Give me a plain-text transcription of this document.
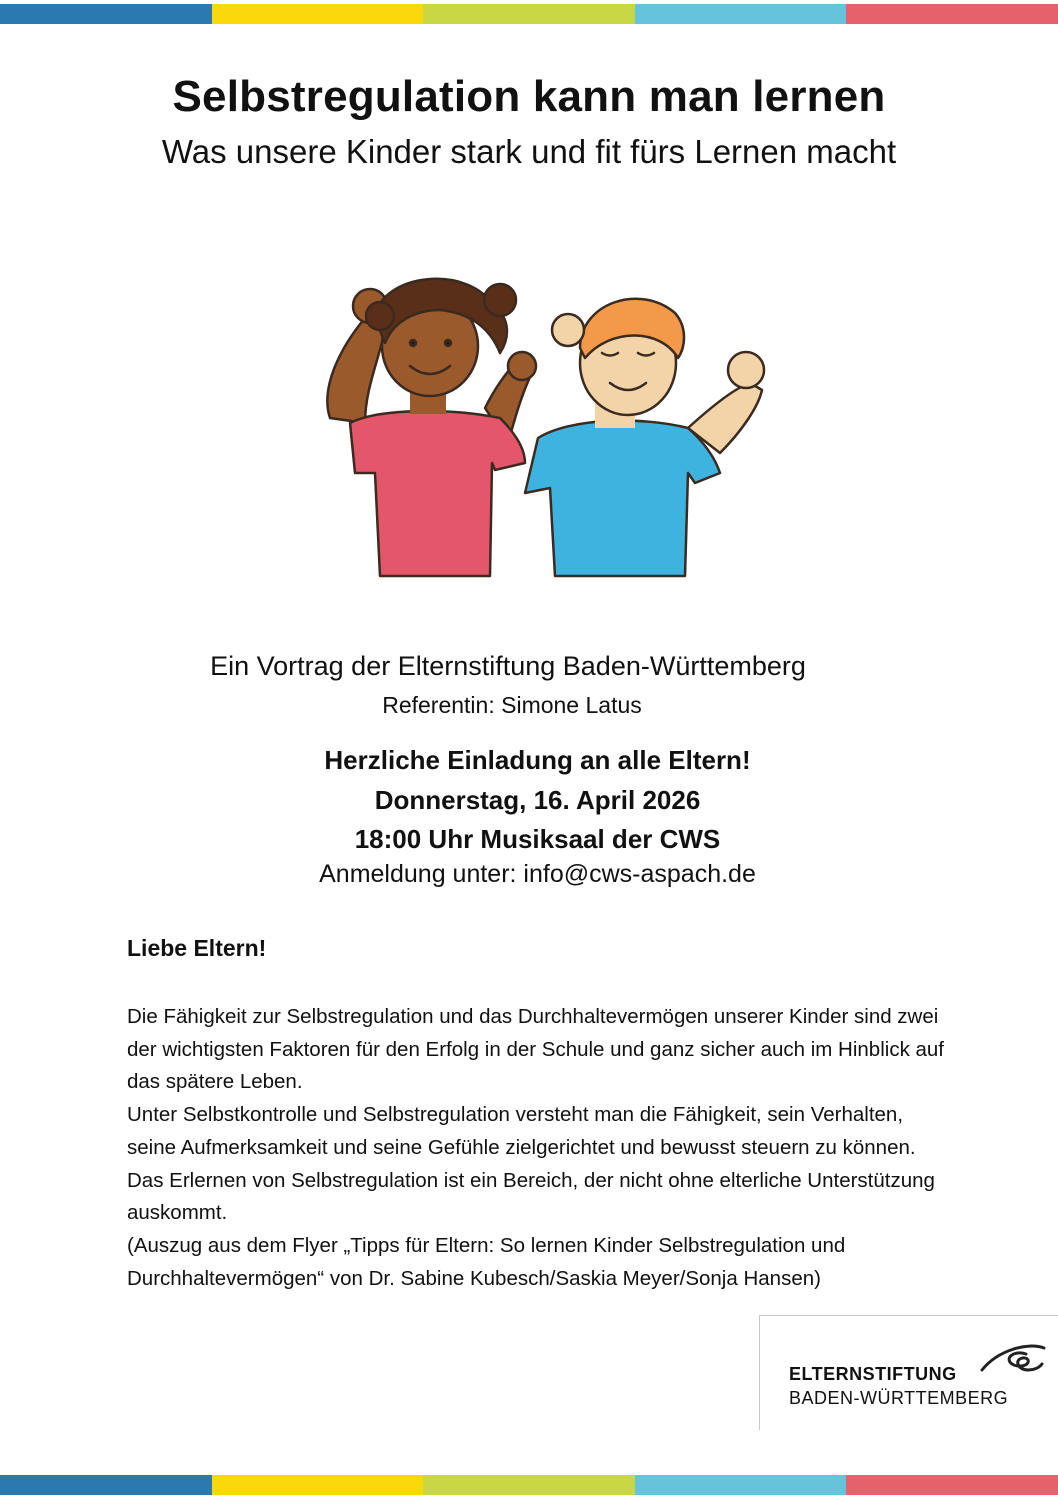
Selbstregulation kann man lernen
Was unsere Kinder stark und fit fürs Lernen macht
Ein Vortrag der Elternstiftung Baden-Württemberg
Referentin: Simone Latus
Herzliche Einladung an alle Eltern!
Donnerstag, 16. April 2026
18:00 Uhr Musiksaal der CWS
Anmeldung unter: info@cws-aspach.de
Liebe Eltern!

Die Fähigkeit zur Selbstregulation und das Durchhaltevermögen unserer Kinder sind zwei der wichtigsten Faktoren für den Erfolg in der Schule und ganz sicher auch im Hinblick auf das spätere Leben.

Unter Selbstkontrolle und Selbstregulation versteht man die Fähigkeit, sein Verhalten, seine Aufmerksamkeit und seine Gefühle zielgerichtet und bewusst steuern zu können. Das Erlernen von Selbstregulation ist ein Bereich, der nicht ohne elterliche Unterstützung auskommt.

(Auszug aus dem Flyer „Tipps für Eltern: So lernen Kinder Selbstregulation und Durchhaltevermögen“ von Dr. Sabine Kubesch/Saskia Meyer/Sonja Hansen)

ELTERNSTIFTUNG
BADEN-WÜRTTEMBERG
